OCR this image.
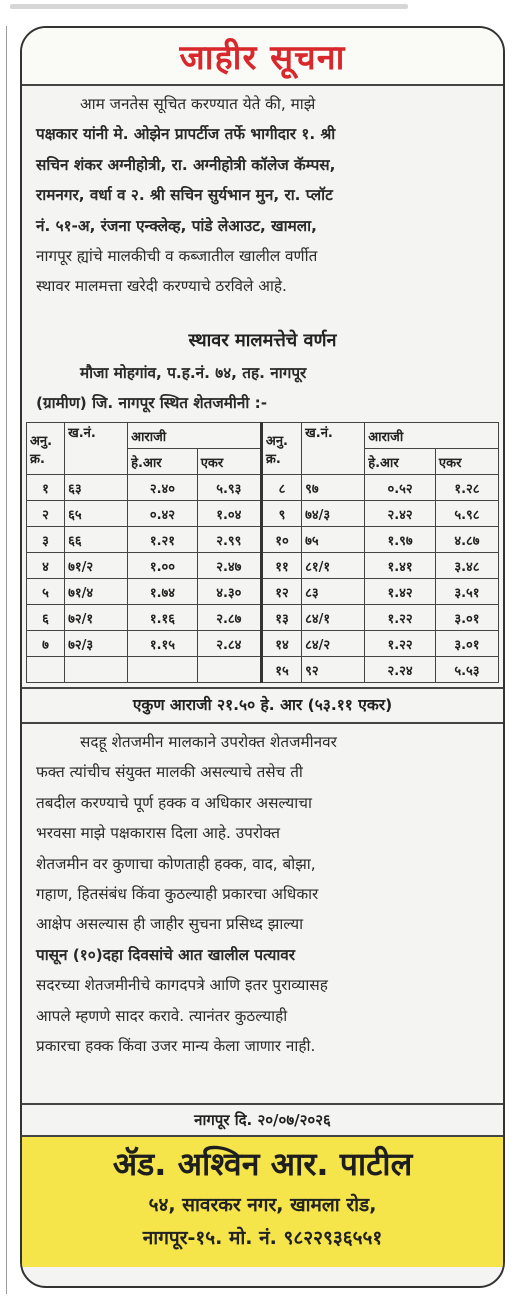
जाहीर सूचना
आम जनतेस सूचित करण्यात येते की, माझे
पक्षकार यांनी मे. ओझेन प्रापर्टीज तर्फे भागीदार १. श्री
सचिन शंकर अग्नीहोत्री, रा. अग्नीहोत्री कॉलेज कॅम्पस,
रामनगर, वर्धा व २. श्री सचिन सुर्यभान मुन, रा. प्लॉट
नं. ५१-अ, रंजना एन्क्लेव्ह, पांडे लेआउट, खामला,
नागपूर ह्यांचे मालकीची व कब्जातील खालील वर्णीत
स्थावर मालमत्ता खरेदी करण्याचे ठरविले आहे.
स्थावर मालमत्तेचे वर्णन
मौजा मोहगांव, प.ह.नं. ७४, तह. नागपूर
(ग्रामीण) जि. नागपूर स्थित शेतजमीनी :-
अनु. क्र.	ख.नं.	आराजी		अनु. क्र.	ख.नं.	आराजी	
		हे.आर	एकर			हे.आर	एकर
१	६३	२.४०	५.९३	८	९७	०.५२	१.२८
२	६५	०.४२	१.०४	९	७४/३	२.४२	५.९८
३	६६	१.२१	२.९९	१०	७५	१.९७	४.८७
४	७१/२	१.००	२.४७	११	८१/१	१.४१	३.४८
५	७१/४	१.७४	४.३०	१२	८३	१.४२	३.५१
६	७२/१	१.१६	२.८७	१३	८४/१	१.२२	३.०१
७	७२/३	१.१५	२.८४	१४	८४/२	१.२२	३.०१
				१५	९२	२.२४	५.५३
एकुण आराजी २१.५० हे. आर (५३.११ एकर)
सदहू शेतजमीन मालकाने उपरोक्त शेतजमीनवर
फक्त त्यांचीच संयुक्त मालकी असल्याचे तसेच ती
तबदील करण्याचे पूर्ण हक्क व अधिकार असल्याचा
भरवसा माझे पक्षकारास दिला आहे. उपरोक्त
शेतजमीन वर कुणाचा कोणताही हक्क, वाद, बोझा,
गहाण, हितसंबंध किंवा कुठल्याही प्रकारचा अधिकार
आक्षेप असल्यास ही जाहीर सुचना प्रसिध्द झाल्या
पासून (१०)दहा दिवसांचे आत खालील पत्यावर
सदरच्या शेतजमीनीचे कागदपत्रे आणि इतर पुराव्यासह
आपले म्हणणे सादर करावे. त्यानंतर कुठल्याही
प्रकारचा हक्क किंवा उजर मान्य केला जाणार नाही.
नागपूर दि. २०/०७/२०२६
ॲड. अश्विन आर. पाटील
५४, सावरकर नगर, खामला रोड,
नागपूर-१५. मो. नं. ९८२२९३६५५१
